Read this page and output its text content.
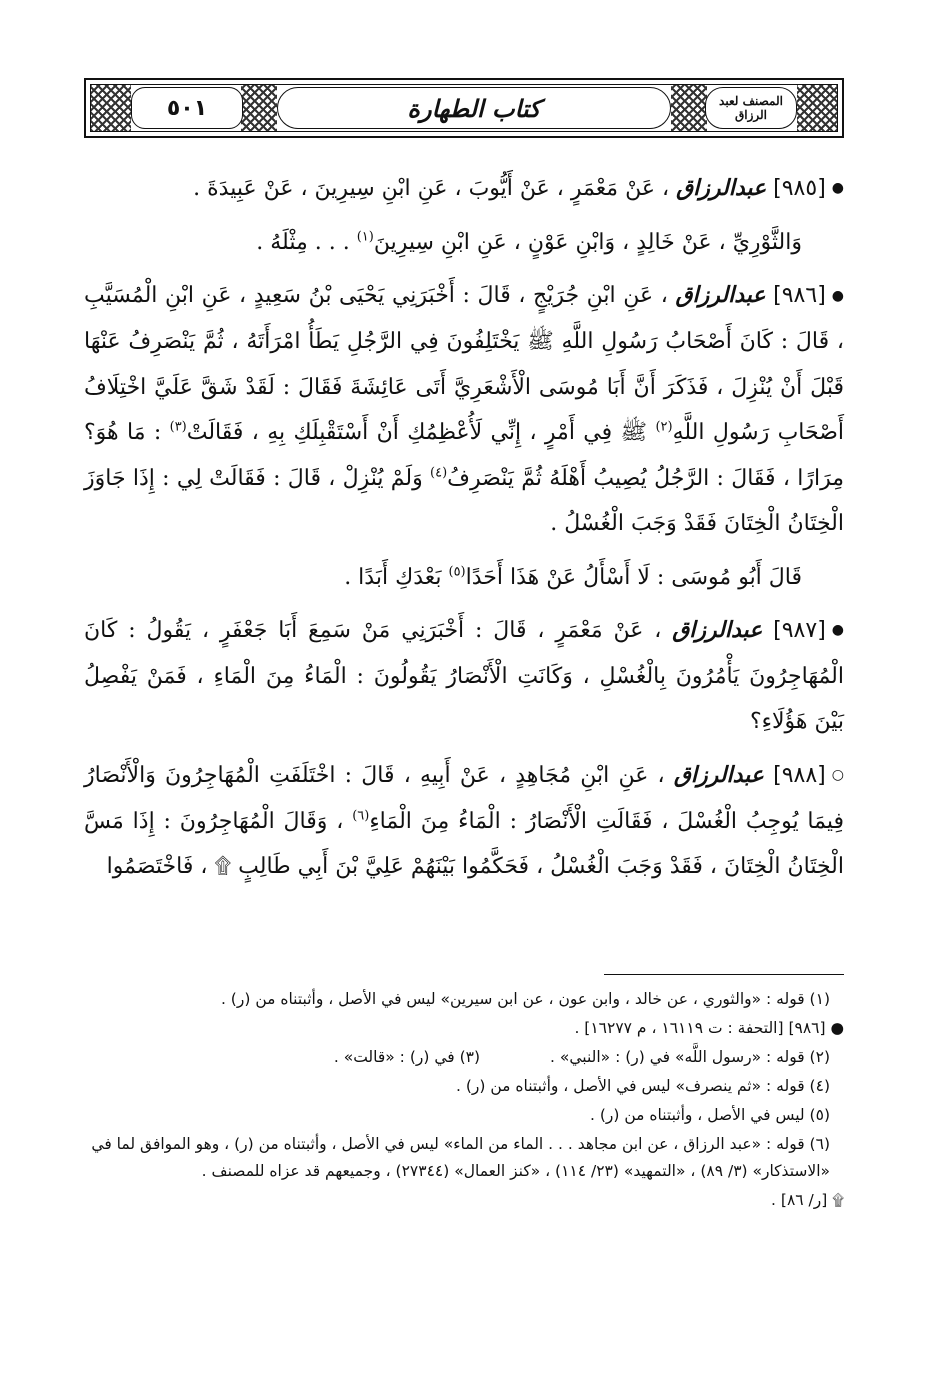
٥٠١	كتاب الطهارة	المصنف لعبد الرزاق

●[٩٨٥] عبدالرزاق ، عَنْ مَعْمَرٍ ، عَنْ أَيُّوبَ ، عَنِ ابْنِ سِيرِينَ ، عَنْ عَبِيدَةَ .

وَالثَّوْرِيِّ ، عَنْ خَالِدٍ ، وَابْنِ عَوْنٍ ، عَنِ ابْنِ سِيرِينَ$^{(١)}$ . . . مِثْلَهُ .

●[٩٨٦] عبدالرزاق ، عَنِ ابْنِ جُرَيْجٍ ، قَالَ : أَخْبَرَنِي يَحْيَى بْنُ سَعِيدٍ ، عَنِ ابْنِ الْمُسَيَّبِ ، قَالَ : كَانَ أَصْحَابُ رَسُولِ اللَّهِ ﷺ يَخْتَلِفُونَ فِي الرَّجُلِ يَطَأُ امْرَأَتَهُ ، ثُمَّ يَنْصَرِفُ عَنْهَا قَبْلَ أَنْ يُنْزِلَ ، فَذَكَرَ أَنَّ أَبَا مُوسَى الْأَشْعَرِيَّ أَتَى عَائِشَةَ فَقَالَ : لَقَدْ شَقَّ عَلَيَّ اخْتِلَافُ أَصْحَابِ رَسُولِ اللَّهِ$^{(٢)}$ ﷺ فِي أَمْرٍ ، إِنِّي لَأُعْظِمُكِ أَنْ أَسْتَقْبِلَكِ بِهِ ، فَقَالَتْ$^{(٣)}$ : مَا هُوَ؟ مِرَارًا ، فَقَالَ : الرَّجُلُ يُصِيبُ أَهْلَهُ ثُمَّ يَنْصَرِفُ$^{(٤)}$ وَلَمْ يُنْزِلْ ، قَالَ : فَقَالَتْ لِي : إِذَا جَاوَزَ الْخِتَانُ الْخِتَانَ فَقَدْ وَجَبَ الْغُسْلُ .

قَالَ أَبُو مُوسَى : لَا أَسْأَلُ عَنْ هَذَا أَحَدًا$^{(٥)}$ بَعْدَكِ أَبَدًا .

●[٩٨٧] عبدالرزاق ، عَنْ مَعْمَرٍ ، قَالَ : أَخْبَرَنِي مَنْ سَمِعَ أَبَا جَعْفَرٍ ، يَقُولُ : كَانَ الْمُهَاجِرُونَ يَأْمُرُونَ بِالْغُسْلِ ، وَكَانَتِ الْأَنْصَارُ يَقُولُونَ : الْمَاءُ مِنَ الْمَاءِ ، فَمَنْ يَفْصِلُ بَيْنَ هَؤُلَاءِ؟

○[٩٨٨] عبدالرزاق ، عَنِ ابْنِ مُجَاهِدٍ ، عَنْ أَبِيهِ ، قَالَ : اخْتَلَفَتِ الْمُهَاجِرُونَ وَالْأَنْصَارُ فِيمَا يُوجِبُ الْغُسْلَ ، فَقَالَتِ الْأَنْصَارُ : الْمَاءُ مِنَ الْمَاءِ$^{(٦)}$ ، وَقَالَ الْمُهَاجِرُونَ : إِذَا مَسَّ الْخِتَانُ الْخِتَانَ ، فَقَدْ وَجَبَ الْغُسْلُ ، فَحَكَّمُوا بَيْنَهُمْ عَلِيَّ بْنَ أَبِي طَالِبٍ ۩ ، فَاخْتَصَمُوا

(١) قوله : «والثوري ، عن خالد ، وابن عون ، عن ابن سيرين» ليس في الأصل ، وأثبتناه من (ر) .

● [٩٨٦] [التحفة : ت ١٦١١٩ ، م ١٦٢٧٧] .

(٢) قوله : «رسول اللَّه» في (ر) : «النبي» .
(٣) في (ر) : «قالت» .

(٤) قوله : «ثم ينصرف» ليس في الأصل ، وأثبتناه من (ر) .

(٥) ليس في الأصل ، وأثبتناه من (ر) .

(٦) قوله : «عبد الرزاق ، عن ابن مجاهد . . . الماء من الماء» ليس في الأصل ، وأثبتناه من (ر) ، وهو الموافق لما في «الاستذكار» (٣/ ٨٩) ، «التمهيد» (٢٣/ ١١٤) ، «كنز العمال» (٢٧٣٤٤) ، وجميعهم قد عزاه للمصنف .

۩ [ر/ ٨٦] .
